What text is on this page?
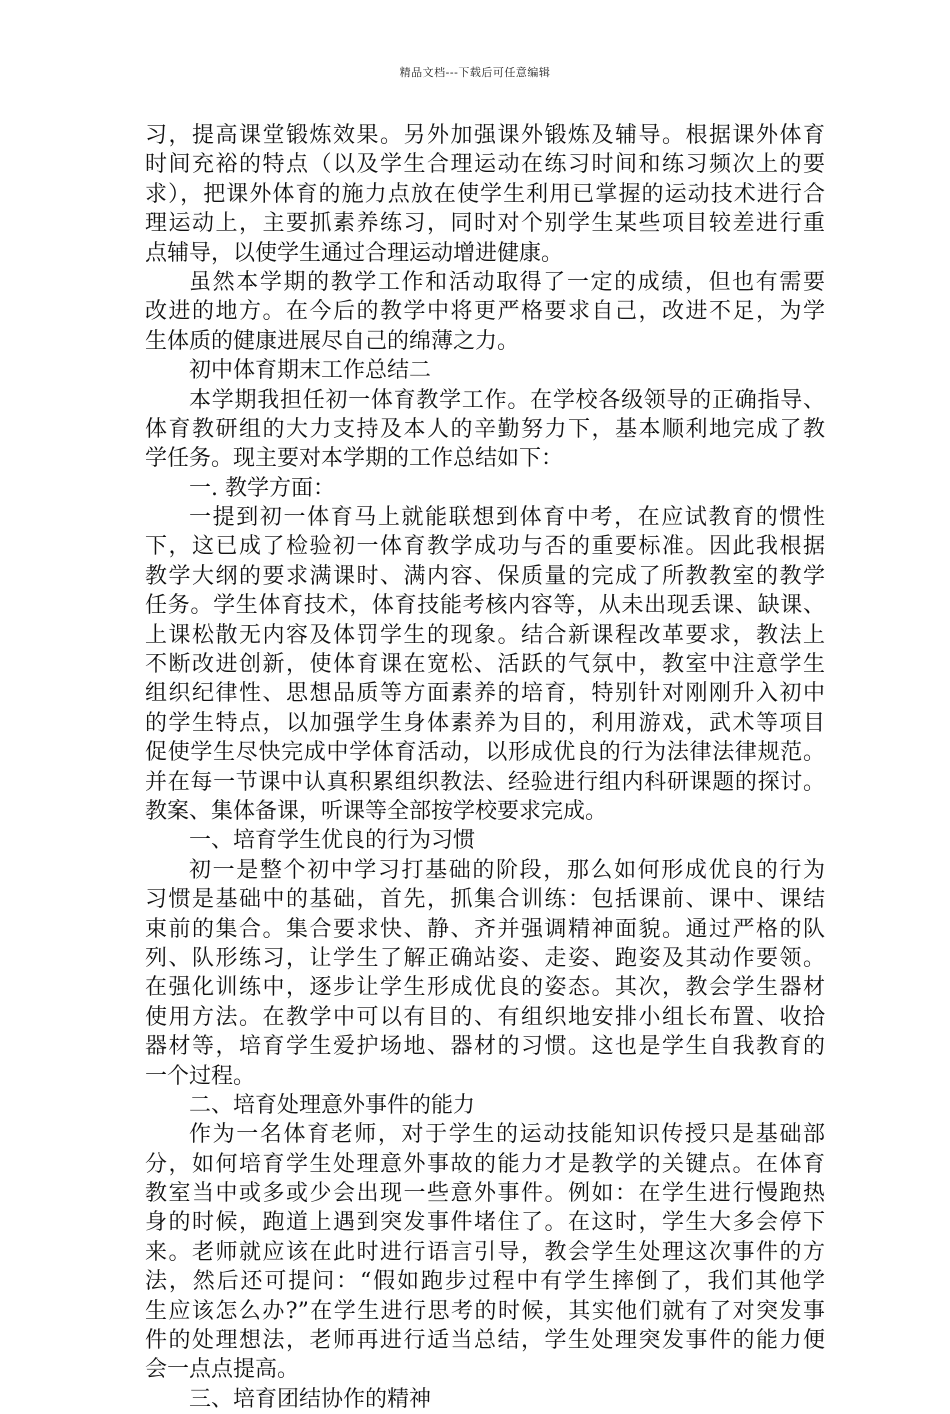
精品文档---下载后可任意编辑
习，提高课堂锻炼效果。另外加强课外锻炼及辅导。根据课外体育
时间充裕的特点（以及学生合理运动在练习时间和练习频次上的要
求），把课外体育的施力点放在使学生利用已掌握的运动技术进行合
理运动上，主要抓素养练习，同时对个别学生某些项目较差进行重
点辅导，以使学生通过合理运动增进健康。
虽然本学期的教学工作和活动取得了一定的成绩，但也有需要
改进的地方。在今后的教学中将更严格要求自己，改进不足，为学
生体质的健康进展尽自己的绵薄之力。
初中体育期末工作总结二
本学期我担任初一体育教学工作。在学校各级领导的正确指导、
体育教研组的大力支持及本人的辛勤努力下，基本顺利地完成了教
学任务。现主要对本学期的工作总结如下：
一. 教学方面：
一提到初一体育马上就能联想到体育中考，在应试教育的惯性
下，这已成了检验初一体育教学成功与否的重要标准。因此我根据
教学大纲的要求满课时、满内容、保质量的完成了所教教室的教学
任务。学生体育技术，体育技能考核内容等，从未出现丢课、缺课、
上课松散无内容及体罚学生的现象。结合新课程改革要求，教法上
不断改进创新，使体育课在宽松、活跃的气氛中，教室中注意学生
组织纪律性、思想品质等方面素养的培育，特别针对刚刚升入初中
的学生特点，以加强学生身体素养为目的，利用游戏，武术等项目
促使学生尽快完成中学体育活动，以形成优良的行为法律法律规范。
并在每一节课中认真积累组织教法、经验进行组内科研课题的探讨。
教案、集体备课，听课等全部按学校要求完成。
一、培育学生优良的行为习惯
初一是整个初中学习打基础的阶段，那么如何形成优良的行为
习惯是基础中的基础，首先，抓集合训练：包括课前、课中、课结
束前的集合。集合要求快、静、齐并强调精神面貌。通过严格的队
列、队形练习，让学生了解正确站姿、走姿、跑姿及其动作要领。
在强化训练中，逐步让学生形成优良的姿态。其次，教会学生器材
使用方法。在教学中可以有目的、有组织地安排小组长布置、收拾
器材等，培育学生爱护场地、器材的习惯。这也是学生自我教育的
一个过程。
二、培育处理意外事件的能力
作为一名体育老师，对于学生的运动技能知识传授只是基础部
分，如何培育学生处理意外事故的能力才是教学的关键点。在体育
教室当中或多或少会出现一些意外事件。例如：在学生进行慢跑热
身的时候，跑道上遇到突发事件堵住了。在这时，学生大多会停下
来。老师就应该在此时进行语言引导，教会学生处理这次事件的方
法，然后还可提问：“假如跑步过程中有学生摔倒了，我们其他学
生应该怎么办?”在学生进行思考的时候，其实他们就有了对突发事
件的处理想法，老师再进行适当总结，学生处理突发事件的能力便
会一点点提高。
三、培育团结协作的精神
